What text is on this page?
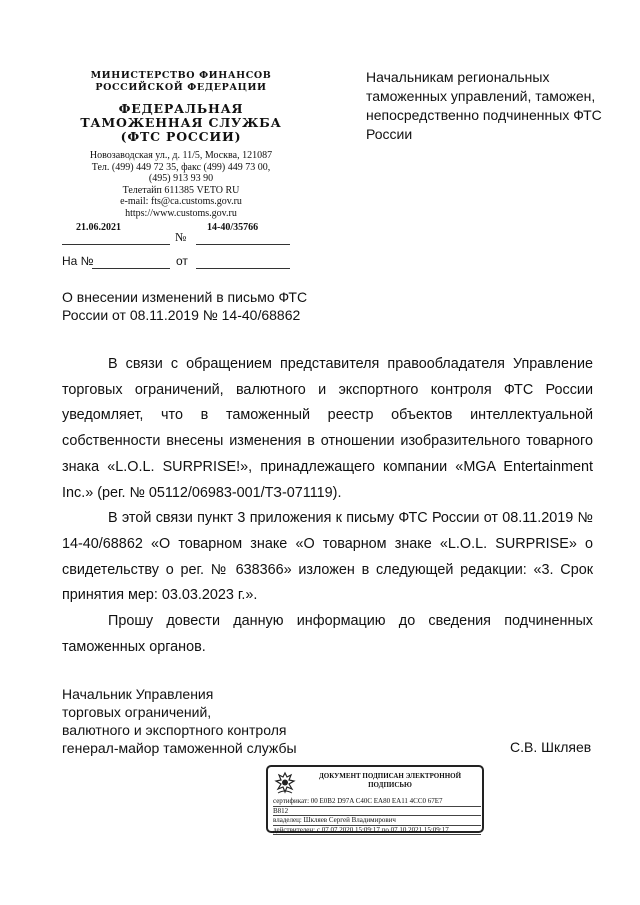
МИНИСТЕРСТВО ФИНАНСОВ РОССИЙСКОЙ ФЕДЕРАЦИИ
ФЕДЕРАЛЬНАЯ
ТАМОЖЕННАЯ СЛУЖБА
(ФТС РОССИИ)
Новозаводская ул., д. 11/5, Москва, 121087
Тел. (499) 449 72 35, факс (499) 449 73 00,
(495) 913 93 90
Телетайп 611385 VETO RU
e-mail: fts@ca.customs.gov.ru
https://www.customs.gov.ru
21.06.2021
№
14-40/35766
На №	от
Начальникам региональных таможенных управлений, таможен, непосредственно подчиненных ФТС России
О внесении изменений в письмо ФТС России от 08.11.2019 № 14-40/68862

В связи с обращением представителя правообладателя Управление торговых ограничений, валютного и экспортного контроля ФТС России уведомляет, что в таможенный реестр объектов интеллектуальной собственности внесены изменения в отношении изобразительного товарного знака «L.O.L. SURPRISE!», принадлежащего компании «MGA Entertainment Inc.» (рег. № 05112/06983-001/ТЗ-071119).

В этой связи пункт 3 приложения к письму ФТС России от 08.11.2019 № 14-40/68862 «О товарном знаке «О товарном знаке «L.O.L. SURPRISE» о свидетельству о рег. № 638366» изложен в следующей редакции: «3. Срок принятия мер: 03.03.2023 г.».

Прошу довести данную информацию до сведения подчиненных таможенных органов.

Начальник Управления
торговых ограничений,
валютного и экспортного контроля
генерал-майор таможенной службы	С.В. Шкляев
ДОКУМЕНТ ПОДПИСАН ЭЛЕКТРОННОЙ ПОДПИСЬЮ
сертификат: 00 E0B2 D97A C40C EA80 EA11 4CC0 67E7
B812
владелец: Шкляев Сергей Владимирович
действителен: с 07.07.2020 15:09:17 по 07.10.2021 15:09:17
